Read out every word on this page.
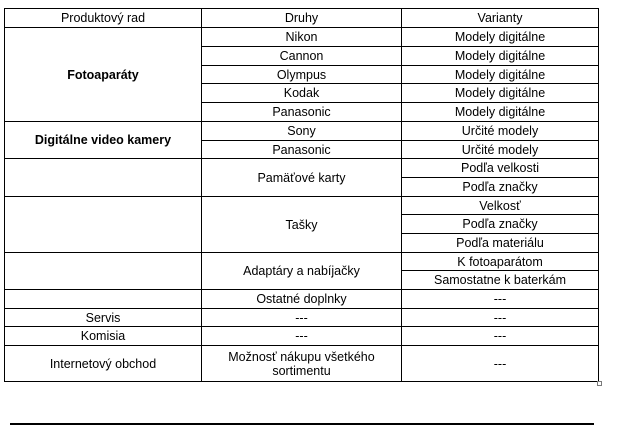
Produktový rad	Druhy	Varianty
Fotoaparáty	Nikon	Modely digitálne
	Cannon	Modely digitálne
	Olympus	Modely digitálne
	Kodak	Modely digitálne
	Panasonic	Modely digitálne
Digitálne video kamery	Sony	Určité modely
	Panasonic	Určité modely
	Pamäťové karty	Podľa velkosti
		Podľa značky
	Tašky	Velkosť
		Podľa značky
		Podľa materiálu
	Adaptáry a nabíjačky	K fotoaparátom
		Samostatne k baterkám
	Ostatné doplnky	---
Servis	---	---
Komisia	---	---
Internetový obchod	Možnosť nákupu všetkého sortimentu	---
